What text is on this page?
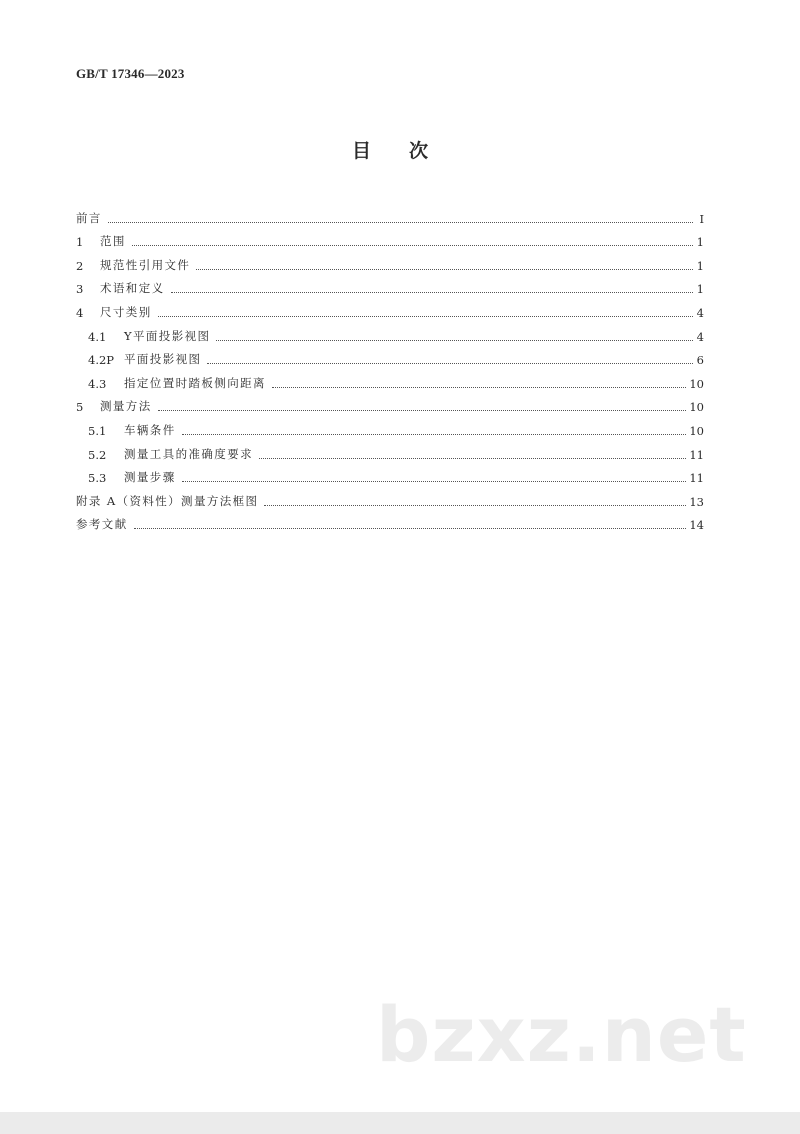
GB/T 17346—2023
目次
前言	I
1	范围	1
2	规范性引用文件	1
3	术语和定义	1
4	尺寸类别	4
4.1	Y平面投影视图	4
4.2P 平面投影视图	6
4.3	指定位置时踏板侧向距离	10
5	测量方法	10
5.1	车辆条件	10
5.2	测量工具的准确度要求	11
5.3	测量步骤	11
附录 A（资料性）测量方法框图	13
参考文献	14
bzxz.net
